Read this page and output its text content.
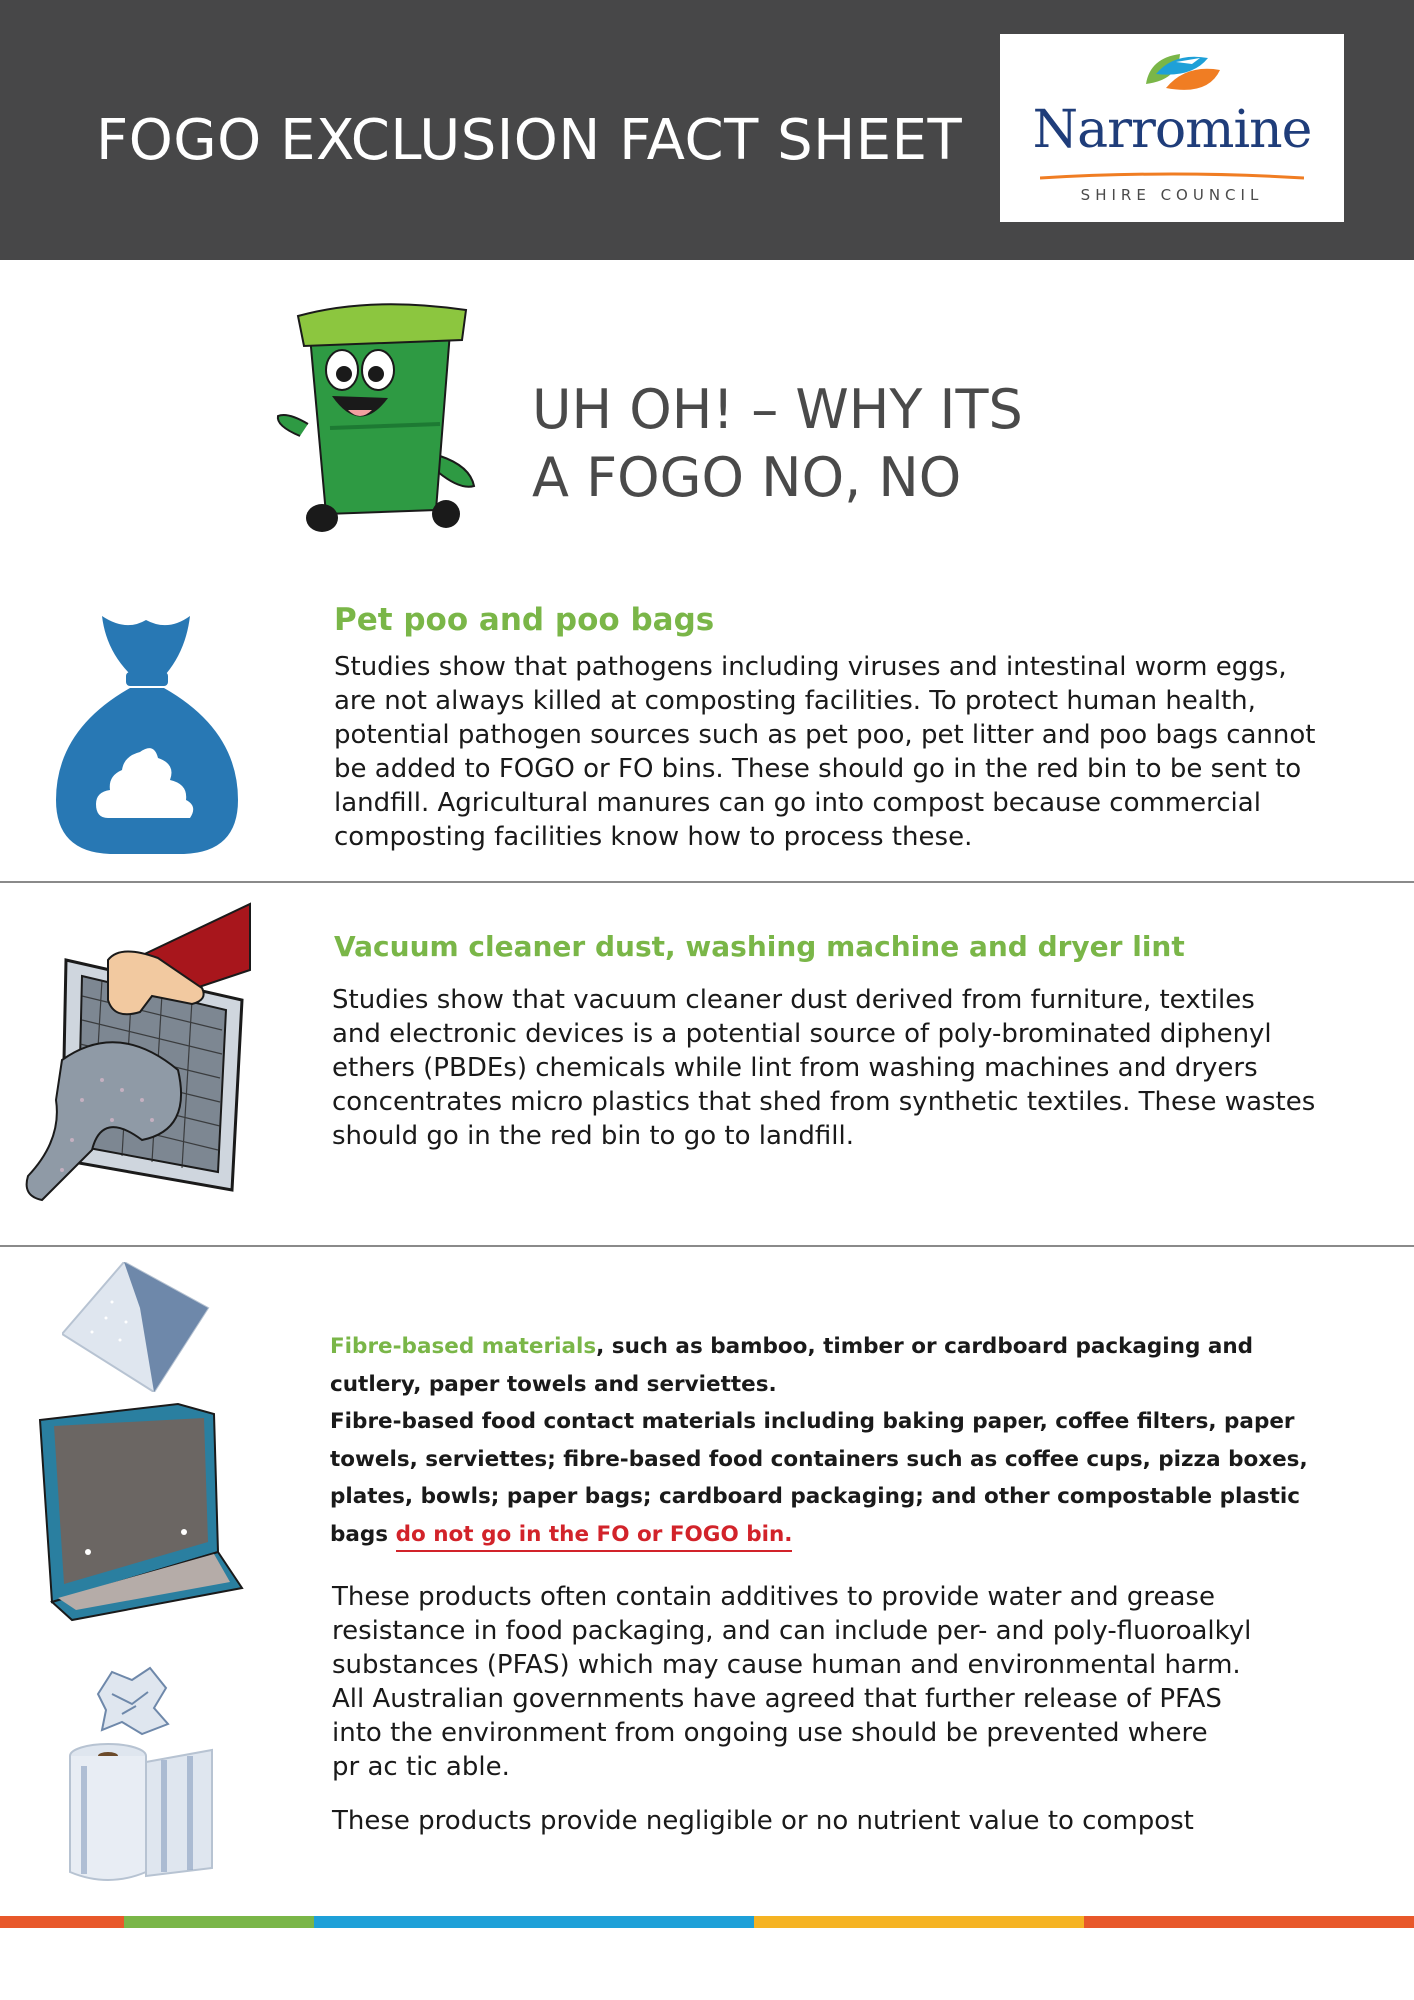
FOGO EXCLUSION FACT SHEET	Narromine
SHIRE COUNCIL
UH OH! – WHY ITS
A FOGO NO, NO
Pet poo and poo bags
Studies show that pathogens including viruses and intestinal worm eggs,
are not always killed at composting facilities. To protect human health,
potential pathogen sources such as pet poo, pet litter and poo bags cannot
be added to FOGO or FO bins. These should go in the red bin to be sent to
landfill. Agricultural manures can go into compost because commercial
composting facilities know how to process these.
Vacuum cleaner dust, washing machine and dryer lint
Studies show that vacuum cleaner dust derived from furniture, textiles
and electronic devices is a potential source of poly-brominated diphenyl
ethers (PBDEs) chemicals while lint from washing machines and dryers
concentrates micro plastics that shed from synthetic textiles. These wastes
should go in the red bin to go to landfill.
Fibre-based materials, such as bamboo, timber or cardboard packaging and
cutlery, paper towels and serviettes.
Fibre-based food contact materials including baking paper, coffee filters, paper
towels, serviettes; fibre-based food containers such as coffee cups, pizza boxes,
plates, bowls; paper bags; cardboard packaging; and other compostable plastic
bags do not go in the FO or FOGO bin.
These products often contain additives to provide water and grease
resistance in food packaging, and can include per- and poly-fluoroalkyl
substances (PFAS) which may cause human and environmental harm.
All Australian governments have agreed that further release of PFAS
into the environment from ongoing use should be prevented where
pr ac tic able.
These products provide negligible or no nutrient value to compost
